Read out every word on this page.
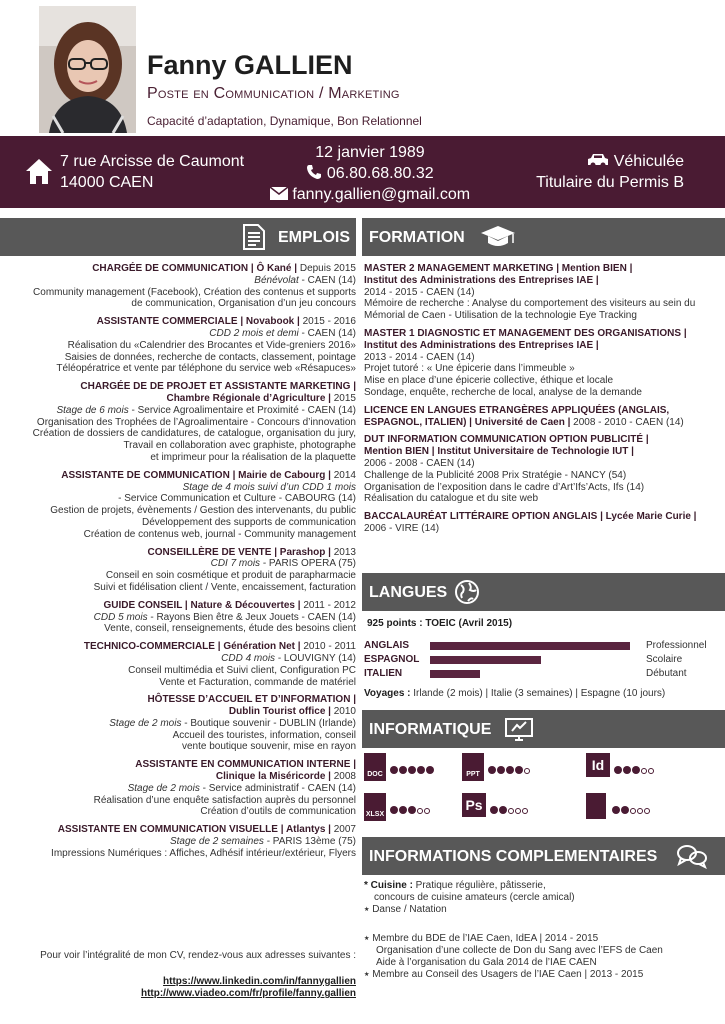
Fanny GALLIEN
Poste en Communication / Marketing
Capacité d’adaptation, Dynamique, Bon Relationnel
7 rue Arcisse de Caumont
14000 CAEN
12 janvier 1989
06.80.68.80.32
fanny.gallien@gmail.com
Véhiculée
Titulaire du Permis B
EMPLOIS FORMATION
CHARGÉE DE COMMUNICATION | Ô Kané | Depuis 2015
Bénévolat - CAEN (14)
Community management (Facebook), Création des contenus et supports
de communication, Organisation d’un jeu concours
ASSISTANTE COMMERCIALE | Novabook | 2015 - 2016
CDD 2 mois et demi - CAEN (14)
Réalisation du «Calendrier des Brocantes et Vide-greniers 2016»
Saisies de données, recherche de contacts, classement, pointage
Téléopératrice et vente par téléphone du service web «Résapuces»
CHARGÉE DE DE PROJET ET ASSISTANTE MARKETING |
Chambre Régionale d’Agriculture | 2015
Stage de 6 mois - Service Agroalimentaire et Proximité - CAEN (14)
Organisation des Trophées de l’Agroalimentaire - Concours d’innovation
Création de dossiers de candidatures, de catalogue, organisation du jury,
Travail en collaboration avec graphiste, photographe
et imprimeur pour la réalisation de la plaquette
ASSISTANTE DE COMMUNICATION | Mairie de Cabourg | 2014
Stage de 4 mois suivi d’un CDD 1 mois
- Service Communication et Culture - CABOURG (14)
Gestion de projets, évènements / Gestion des intervenants, du public
Développement des supports de communication
Création de contenus web, journal - Community management
CONSEILLÈRE DE VENTE | Parashop | 2013
CDI 7 mois - PARIS OPERA (75)
Conseil en soin cosmétique et produit de parapharmacie
Suivi et fidélisation client / Vente, encaissement, facturation
GUIDE CONSEIL | Nature & Découvertes | 2011 - 2012
CDD 5 mois - Rayons Bien être & Jeux Jouets - CAEN (14)
Vente, conseil, renseignements, étude des besoins client
TECHNICO-COMMERCIALE | Génération Net | 2010 - 2011
CDD 4 mois - LOUVIGNY (14)
Conseil multimédia et Suivi client, Configuration PC
Vente et Facturation, commande de matériel
HÔTESSE D’ACCUEIL ET D’INFORMATION |
Dublin Tourist office | 2010
Stage de 2 mois - Boutique souvenir - DUBLIN (Irlande)
Accueil des touristes, information, conseil
vente boutique souvenir, mise en rayon
ASSISTANTE EN COMMUNICATION INTERNE |
Clinique la Miséricorde | 2008
Stage de 2 mois - Service administratif - CAEN (14)
Réalisation d’une enquête satisfaction auprès du personnel
Création d’outils de communication
ASSISTANTE EN COMMUNICATION VISUELLE | Atlantys | 2007
Stage de 2 semaines - PARIS 13ème (75)
Impressions Numériques : Affiches, Adhésif intérieur/extérieur, Flyers
MASTER 2 MANAGEMENT MARKETING | Mention BIEN |
Institut des Administrations des Entreprises IAE |
2014 - 2015 - CAEN (14)
Mémoire de recherche : Analyse du comportement des visiteurs au sein du
Mémorial de Caen - Utilisation de la technologie Eye Tracking
MASTER 1 DIAGNOSTIC ET MANAGEMENT DES ORGANISATIONS |
Institut des Administrations des Entreprises IAE |
2013 - 2014 - CAEN (14)
Projet tutoré : « Une épicerie dans l’immeuble »
Mise en place d’une épicerie collective, éthique et locale
Sondage, enquête, recherche de local, analyse de la demande
LICENCE EN LANGUES ETRANGÈRES APPLIQUÉES (ANGLAIS,
ESPAGNOL, ITALIEN) | Université de Caen | 2008 - 2010 - CAEN (14)
DUT INFORMATION COMMUNICATION OPTION PUBLICITÉ |
Mention BIEN | Institut Universitaire de Technologie IUT |
2006 - 2008 - CAEN (14)
Challenge de la Publicité 2008 Prix Stratégie - NANCY (54)
Organisation de l’exposition dans le cadre d’Art’Ifs’Acts, Ifs (14)
Réalisation du catalogue et du site web
BACCALAURÉAT LITTÉRAIRE OPTION ANGLAIS | Lycée Marie Curie |
2006 - VIRE (14)
LANGUES
925 points : TOEIC (Avril 2015)
ANGLAIS	Professionnel
ESPAGNOL	Scolaire
ITALIEN	Débutant
Voyages : Irlande (2 mois) | Italie (3 semaines) | Espagne (10 jours)
INFORMATIQUE
DOC	PPT
Id
XLSX
Ps
INFORMATIONS COMPLEMENTAIRES
* Cuisine : Pratique régulière, pâtisserie,
concours de cuisine amateurs (cercle amical)
⭑ Danse / Natation
⭑ Membre du BDE de l’IAE Caen, IdEA | 2014 - 2015
Organisation d’une collecte de Don du Sang avec l’EFS de Caen
Aide à l’organisation du Gala 2014 de l’IAE CAEN
⭑ Membre au Conseil des Usagers de l’IAE Caen | 2013 - 2015
Pour voir l’intégralité de mon CV, rendez-vous aux adresses suivantes :
https://www.linkedin.com/in/fannygallien
http://www.viadeo.com/fr/profile/fanny.gallien
